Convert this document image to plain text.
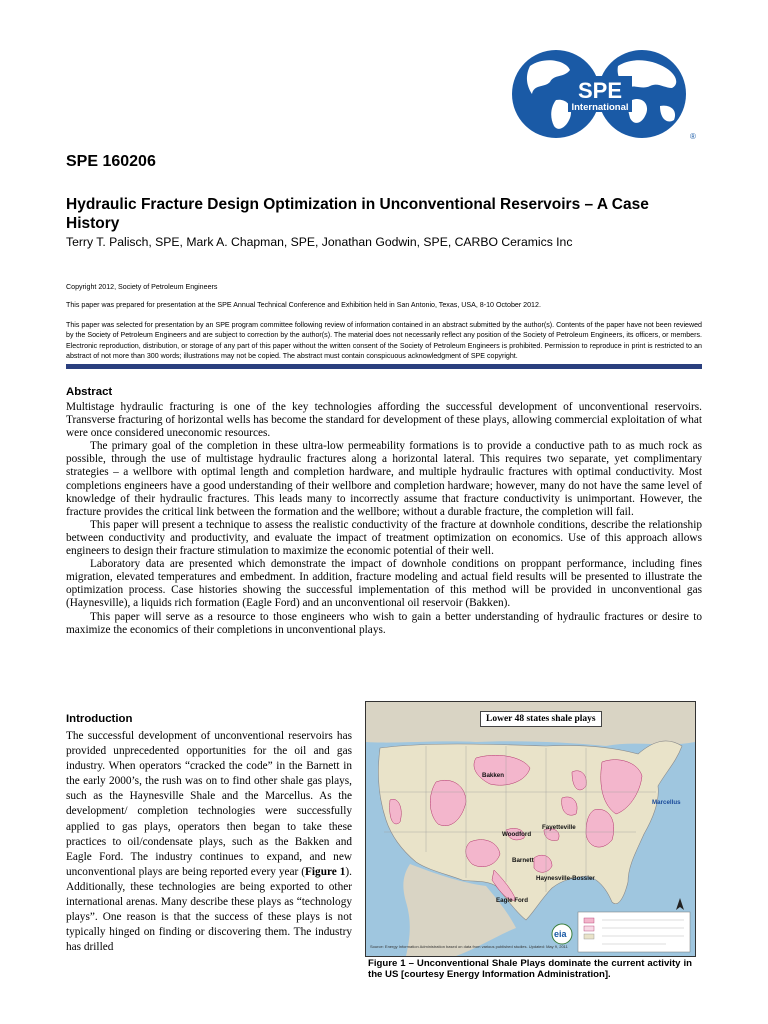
SPE
International
®
SPE 160206
Hydraulic Fracture Design Optimization in Unconventional Reservoirs – A Case History

Terry T. Palisch, SPE, Mark A. Chapman, SPE, Jonathan Godwin, SPE, CARBO Ceramics Inc

Copyright 2012, Society of Petroleum Engineers

This paper was prepared for presentation at the SPE Annual Technical Conference and Exhibition held in San Antonio, Texas, USA, 8-10 October 2012.

This paper was selected for presentation by an SPE program committee following review of information contained in an abstract submitted by the author(s). Contents of the paper have not been reviewed by the Society of Petroleum Engineers and are subject to correction by the author(s). The material does not necessarily reflect any position of the Society of Petroleum Engineers, its officers, or members. Electronic reproduction, distribution, or storage of any part of this paper without the written consent of the Society of Petroleum Engineers is prohibited. Permission to reproduce in print is restricted to an abstract of not more than 300 words; illustrations may not be copied. The abstract must contain conspicuous acknowledgment of SPE copyright.

Abstract

Multistage hydraulic fracturing is one of the key technologies affording the successful development of unconventional reservoirs. Transverse fracturing of horizontal wells has become the standard for development of these plays, allowing commercial exploitation of what were once considered uneconomic resources.

The primary goal of the completion in these ultra-low permeability formations is to provide a conductive path to as much rock as possible, through the use of multistage hydraulic fractures along a horizontal lateral. This requires two separate, yet complimentary strategies – a wellbore with optimal length and completion hardware, and multiple hydraulic fractures with optimal conductivity. Most completions engineers have a good understanding of their wellbore and completion hardware; however, many do not have the same level of knowledge of their hydraulic fractures. This leads many to incorrectly assume that fracture conductivity is unimportant. However, the fracture provides the critical link between the formation and the wellbore; without a durable fracture, the completion will fail.

This paper will present a technique to assess the realistic conductivity of the fracture at downhole conditions, describe the relationship between conductivity and productivity, and evaluate the impact of treatment optimization on economics. Use of this approach allows engineers to design their fracture stimulation to maximize the economic potential of their well.

Laboratory data are presented which demonstrate the impact of downhole conditions on proppant performance, including fines migration, elevated temperatures and embedment. In addition, fracture modeling and actual field results will be presented to illustrate the optimization process. Case histories showing the successful implementation of this method will be provided in unconventional gas (Haynesville), a liquids rich formation (Eagle Ford) and an unconventional oil reservoir (Bakken).

This paper will serve as a resource to those engineers who wish to gain a better understanding of hydraulic fractures or desire to maximize the economics of their completions in unconventional plays.

Introduction

The successful development of unconventional reservoirs has provided unprecedented opportunities for the oil and gas industry. When operators “cracked the code” in the Barnett in the early 2000’s, the rush was on to find other shale gas plays, such as the Haynesville Shale and the Marcellus. As the development/ completion technologies were successfully applied to gas plays, operators then began to take these practices to oil/condensate plays, such as the Bakken and Eagle Ford. The industry continues to expand, and new unconventional plays are being reported every year (Figure 1). Additionally, these technologies are being exported to other international arenas. Many describe these plays as “technology plays”. One reason is that the success of these plays is not typically hinged on finding or discovering them. The industry has drilled

Bakken
Marcellus
Woodford
Fayetteville
Barnett
Eagle Ford
Haynesville-Bossier
eia
Lower 48 states shale plays
Source: Energy Information Administration based on data from various published studies. Updated: May 9, 2011

Figure 1 – Unconventional Shale Plays dominate the current activity in the US [courtesy Energy Information Administration].
